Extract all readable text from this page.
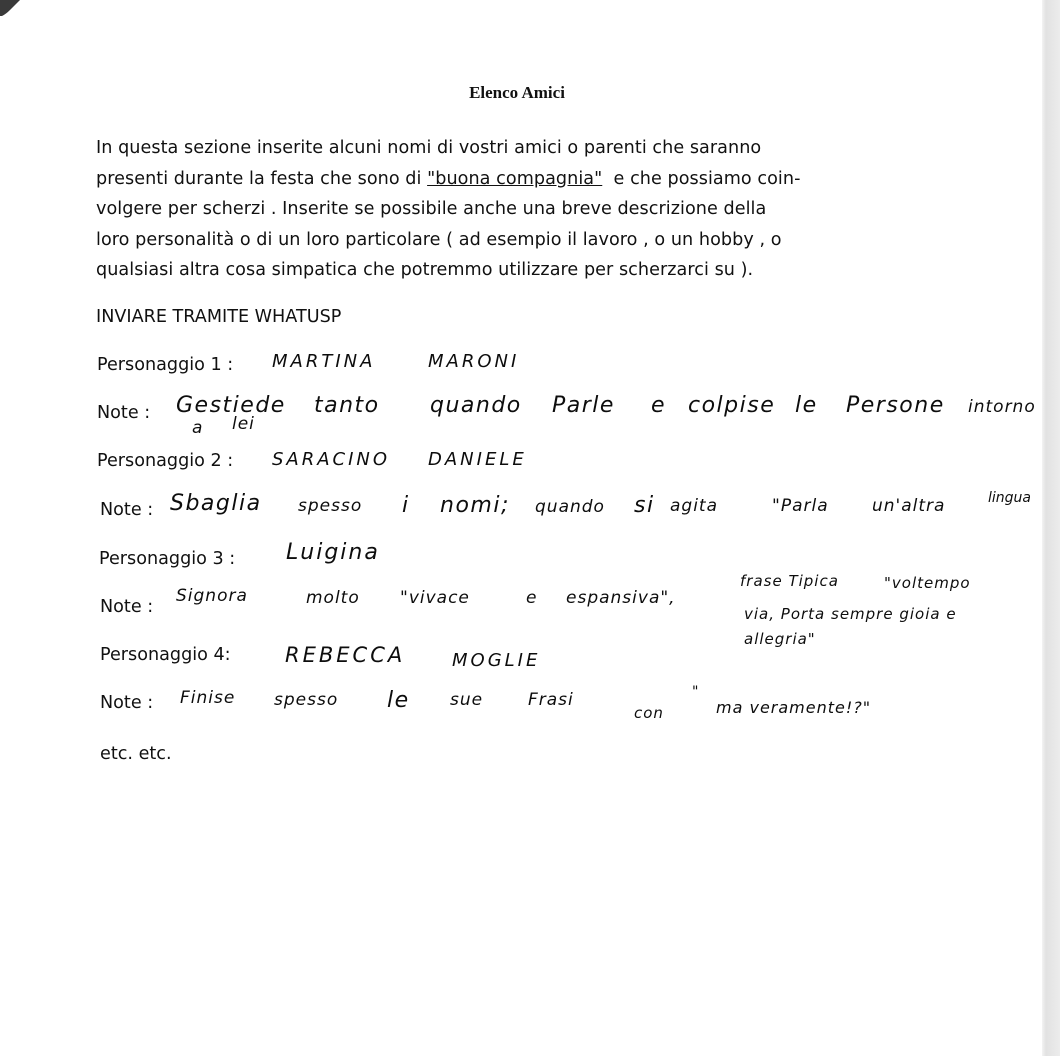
Elenco Amici
In questa sezione inserite alcuni nomi di vostri amici o parenti che saranno
presenti durante la festa che sono di "buona compagnia"  e che possiamo coin-
volgere per scherzi . Inserite se possibile anche una breve descrizione della
loro personalità o di un loro particolare ( ad esempio il lavoro , o un hobby , o
qualsiasi altra cosa simpatica che potremmo utilizzare per scherzarci su ).
INVIARE TRAMITE WHATUSP
Personaggio 1 : MARTINA	MARONI
Note : Gestiede tanto quando Parle e colpise le Persone intorno
a lei
Personaggio 2 : SARACINO DANIELE
Note : Sbaglia spesso i nomi; quando si agita	"Parla	un'altra	lingua
Personaggio 3 : Luigina
Note :
Signora	molto "vivace	e espansiva",
frase Tipica	"voltempo
via, Porta sempre gioia e
allegria"
Personaggio 4:	REBECCA	MOGLIE
Note : Finise spesso le sue	Frasi
con
"
ma veramente!?"
etc. etc.
